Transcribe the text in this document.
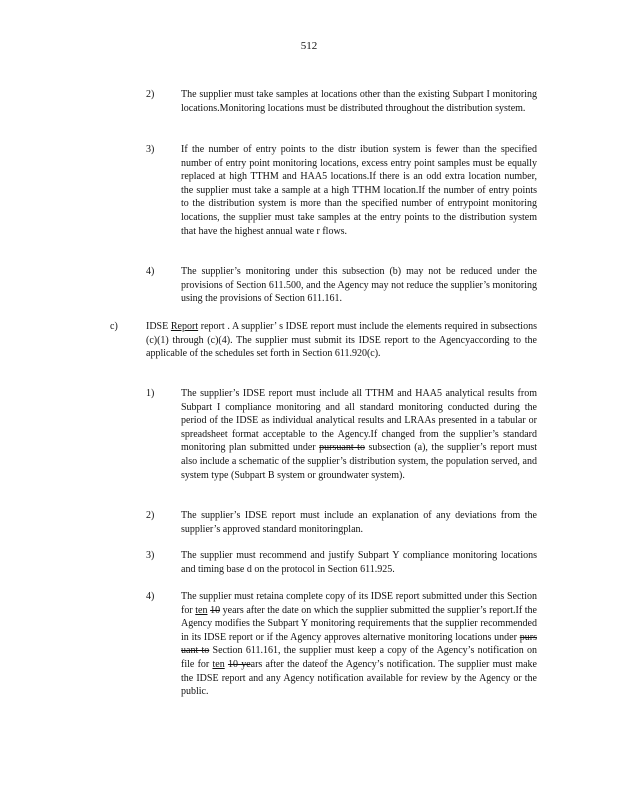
512
2)	The supplier must take samples at locations other than the existing Subpart I monitoring locations.Monitoring locations must be distributed throughout the distribution system.
3)	If the number of entry points to the distr ibution system is fewer than the specified number of entry point monitoring locations, excess entry point samples must be equally replaced at high TTHM and HAA5 locations.If there is an odd extra location number, the supplier must take a sample at a high TTHM location.If the number of entry points to the distribution system is more than the specified number of entrypoint monitoring locations, the supplier must take samples at the entry points to the distribution system that have the highest annual wate r flows.
4)	The supplier’s monitoring under this subsection (b) may not be reduced under the provisions of Section 611.500, and the Agency may not reduce the supplier’s monitoring using the provisions of Section 611.161.
c)	IDSE Report report . A supplier’ s IDSE report must include the elements required in subsections (c)(1) through (c)(4). The supplier must submit its IDSE report to the Agencyaccording to the applicable of the schedules set forth in Section 611.920(c).
1)	The supplier’s IDSE report must include all TTHM and HAA5 analytical results from Subpart I compliance monitoring and all standard monitoring conducted during the period of the IDSE as individual analytical results and LRAAs presented in a tabular or spreadsheet format acceptable to the Agency.If changed from the supplier’s standard monitoring plan submitted under pursuant to subsection (a), the supplier’s report must also include a schematic of the supplier’s distribution system, the population served, and system type (Subpart B system or groundwater system).
2)	The supplier’s IDSE report must include an explanation of any deviations from the supplier’s approved standard monitoringplan.
3)	The supplier must recommend and justify Subpart Y compliance monitoring locations and timing base d on the protocol in Section 611.925.
4)	The supplier must retaina complete copy of its IDSE report submitted under this Section for ten 10 years after the date on which the supplier submitted the supplier’s report.If the Agency modifies the Subpart Y monitoring requirements that the supplier recommended in its IDSE report or if the Agency approves alternative monitoring locations under purs uant to Section 611.161, the supplier must keep a copy of the Agency’s notification on file for ten 10 years after the dateof the Agency’s notification. The supplier must make the IDSE report and any Agency notification available for review by the Agency or the public.
